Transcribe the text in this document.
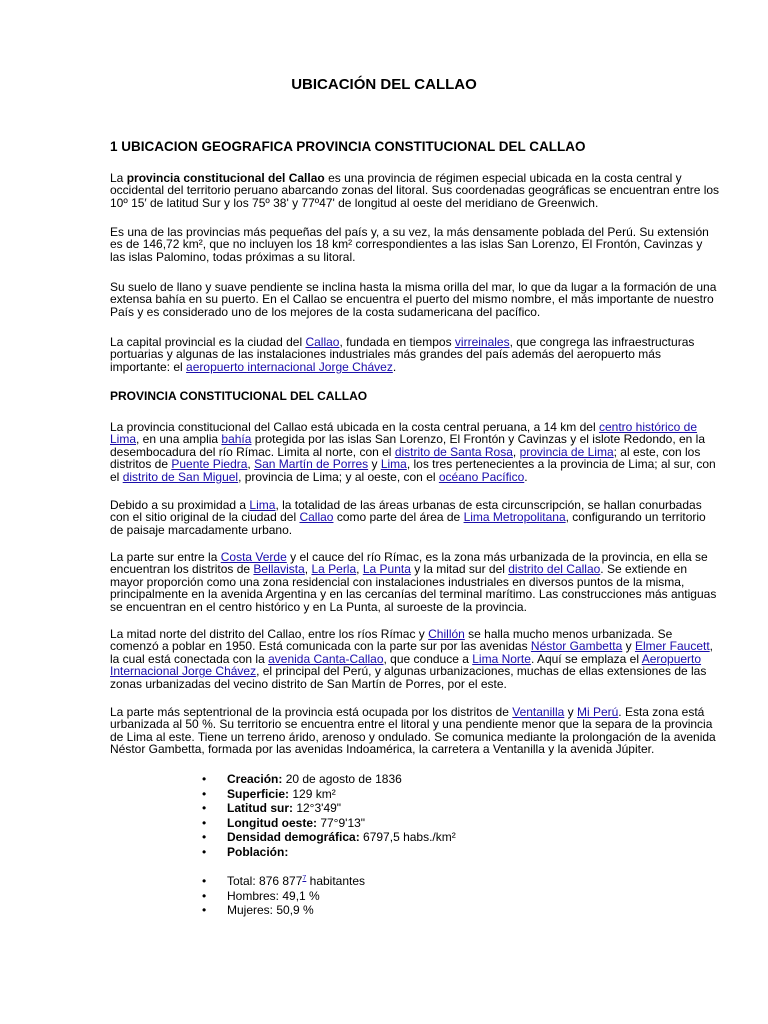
UBICACIÓN DEL CALLAO
1 UBICACION GEOGRAFICA PROVINCIA CONSTITUCIONAL DEL CALLAO

La provincia constitucional del Callao es una provincia de régimen especial ubicada en la costa central y occidental del territorio peruano abarcando zonas del litoral. Sus coordenadas geográficas se encuentran entre los 10º 15′ de latitud Sur y los 75º 38' y 77º47' de longitud al oeste del meridiano de Greenwich.

Es una de las provincias más pequeñas del país y, a su vez, la más densamente poblada del Perú. Su extensión es de 146,72 km², que no incluyen los 18 km² correspondientes a las islas San Lorenzo, El Frontón, Cavinzas y las islas Palomino, todas próximas a su litoral.

Su suelo de llano y suave pendiente se inclina hasta la misma orilla del mar, lo que da lugar a la formación de una extensa bahía en su puerto. En el Callao se encuentra el puerto del mismo nombre, el más importante de nuestro País y es considerado uno de los mejores de la costa sudamericana del pacífico.

La capital provincial es la ciudad del Callao, fundada en tiempos virreinales, que congrega las infraestructuras portuarias y algunas de las instalaciones industriales más grandes del país además del aeropuerto más importante: el aeropuerto internacional Jorge Chávez.

PROVINCIA CONSTITUCIONAL DEL CALLAO

La provincia constitucional del Callao está ubicada en la costa central peruana, a 14 km del centro histórico de Lima, en una amplia bahía protegida por las islas San Lorenzo, El Frontón y Cavinzas y el islote Redondo, en la desembocadura del río Rímac. Limita al norte, con el distrito de Santa Rosa, provincia de Lima; al este, con los distritos de Puente Piedra, San Martín de Porres y Lima, los tres pertenecientes a la provincia de Lima; al sur, con el distrito de San Miguel, provincia de Lima; y al oeste, con el océano Pacífico.

Debido a su proximidad a Lima, la totalidad de las áreas urbanas de esta circunscripción, se hallan conurbadas con el sitio original de la ciudad del Callao como parte del área de Lima Metropolitana, configurando un territorio de paisaje marcadamente urbano.

La parte sur entre la Costa Verde y el cauce del río Rímac, es la zona más urbanizada de la provincia, en ella se encuentran los distritos de Bellavista, La Perla, La Punta y la mitad sur del distrito del Callao. Se extiende en mayor proporción como una zona residencial con instalaciones industriales en diversos puntos de la misma, principalmente en la avenida Argentina y en las cercanías del terminal marítimo. Las construcciones más antiguas se encuentran en el centro histórico y en La Punta, al suroeste de la provincia.

La mitad norte del distrito del Callao, entre los ríos Rímac y Chillón se halla mucho menos urbanizada. Se comenzó a poblar en 1950. Está comunicada con la parte sur por las avenidas Néstor Gambetta y Elmer Faucett, la cual está conectada con la avenida Canta-Callao, que conduce a Lima Norte. Aquí se emplaza el Aeropuerto Internacional Jorge Chávez, el principal del Perú, y algunas urbanizaciones, muchas de ellas extensiones de las zonas urbanizadas del vecino distrito de San Martín de Porres, por el este.

La parte más septentrional de la provincia está ocupada por los distritos de Ventanilla y Mi Perú. Esta zona está urbanizada al 50 %. Su territorio se encuentra entre el litoral y una pendiente menor que la separa de la provincia de Lima al este. Tiene un terreno árido, arenoso y ondulado. Se comunica mediante la prolongación de la avenida Néstor Gambetta, formada por las avenidas Indoamérica, la carretera a Ventanilla y la avenida Júpiter.

• Creación: 20 de agosto de 1836
• Superficie: 129 km²
• Latitud sur: 12°3'49"
• Longitud oeste: 77°9'13"
• Densidad demográfica: 6797,5 habs./km²
• Población:
• Total: 876 $877^7$ habitantes
• Hombres: 49,1 %
• Mujeres: 50,9 %
